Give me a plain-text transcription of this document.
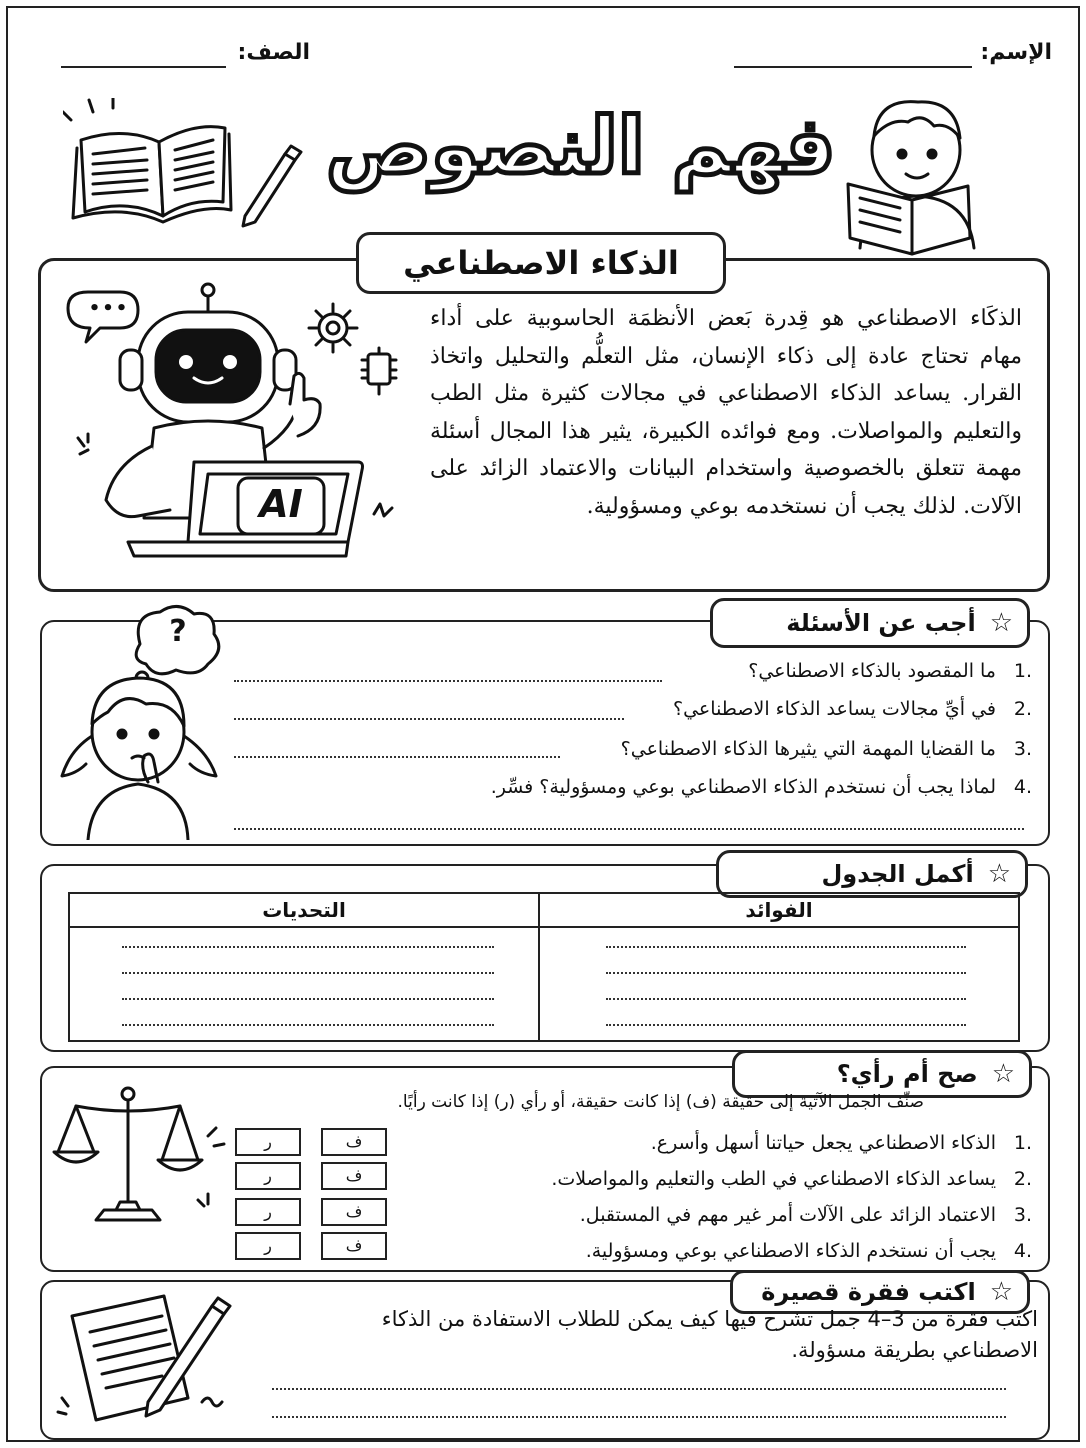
الإسم:
الصف:
فهم النصوص
الذكاء الاصطناعي
•••
AI
الذكَاء الاصطناعي هو قِدرة بَعض الأنظمَة الحاسوبية على أداء مهام تحتاج عادة إلى ذكاء الإنسان، مثل التعلُّم والتحليل واتخاذ القرار. يساعد الذكاء الاصطناعي في مجالات كثيرة مثل الطب والتعليم والمواصلات. ومع فوائده الكبيرة، يثير هذا المجال أسئلة مهمة تتعلق بالخصوصية واستخدام البيانات والاعتماد الزائد على الآلات. لذلك يجب أن نستخدمه بوعي ومسؤولية.
أجب عن الأسئلة ☆
?
1.
ما المقصود بالذكاء الاصطناعي؟
2.
في أيِّ مجالات يساعد الذكاء الاصطناعي؟
3.
ما القضايا المهمة التي يثيرها الذكاء الاصطناعي؟
4.
لماذا يجب أن نستخدم الذكاء الاصطناعي بوعي ومسؤولية؟ فسِّر.
أكمل الجدول ☆
التحديات	الفوائد

صح أم رأي؟ ☆
صنِّف الجمل الآتية إلى حقيقة (ف) إذا كانت حقيقة، أو رأي (ر) إذا كانت رأيًا.
1.
الذكاء الاصطناعي يجعل حياتنا أسهل وأسرع.
ف
ر
2.
يساعد الذكاء الاصطناعي في الطب والتعليم والمواصلات.
ف
ر
3.
الاعتماد الزائد على الآلات أمر غير مهم في المستقبل.
ف
ر
4.
يجب أن نستخدم الذكاء الاصطناعي بوعي ومسؤولية.
ف
ر
اكتب فقرة قصيرة ☆
اكتب فقرة من 3–4 جمل تشرح فيها كيف يمكن للطلاب الاستفادة من الذكاء الاصطناعي بطريقة مسؤولة.
